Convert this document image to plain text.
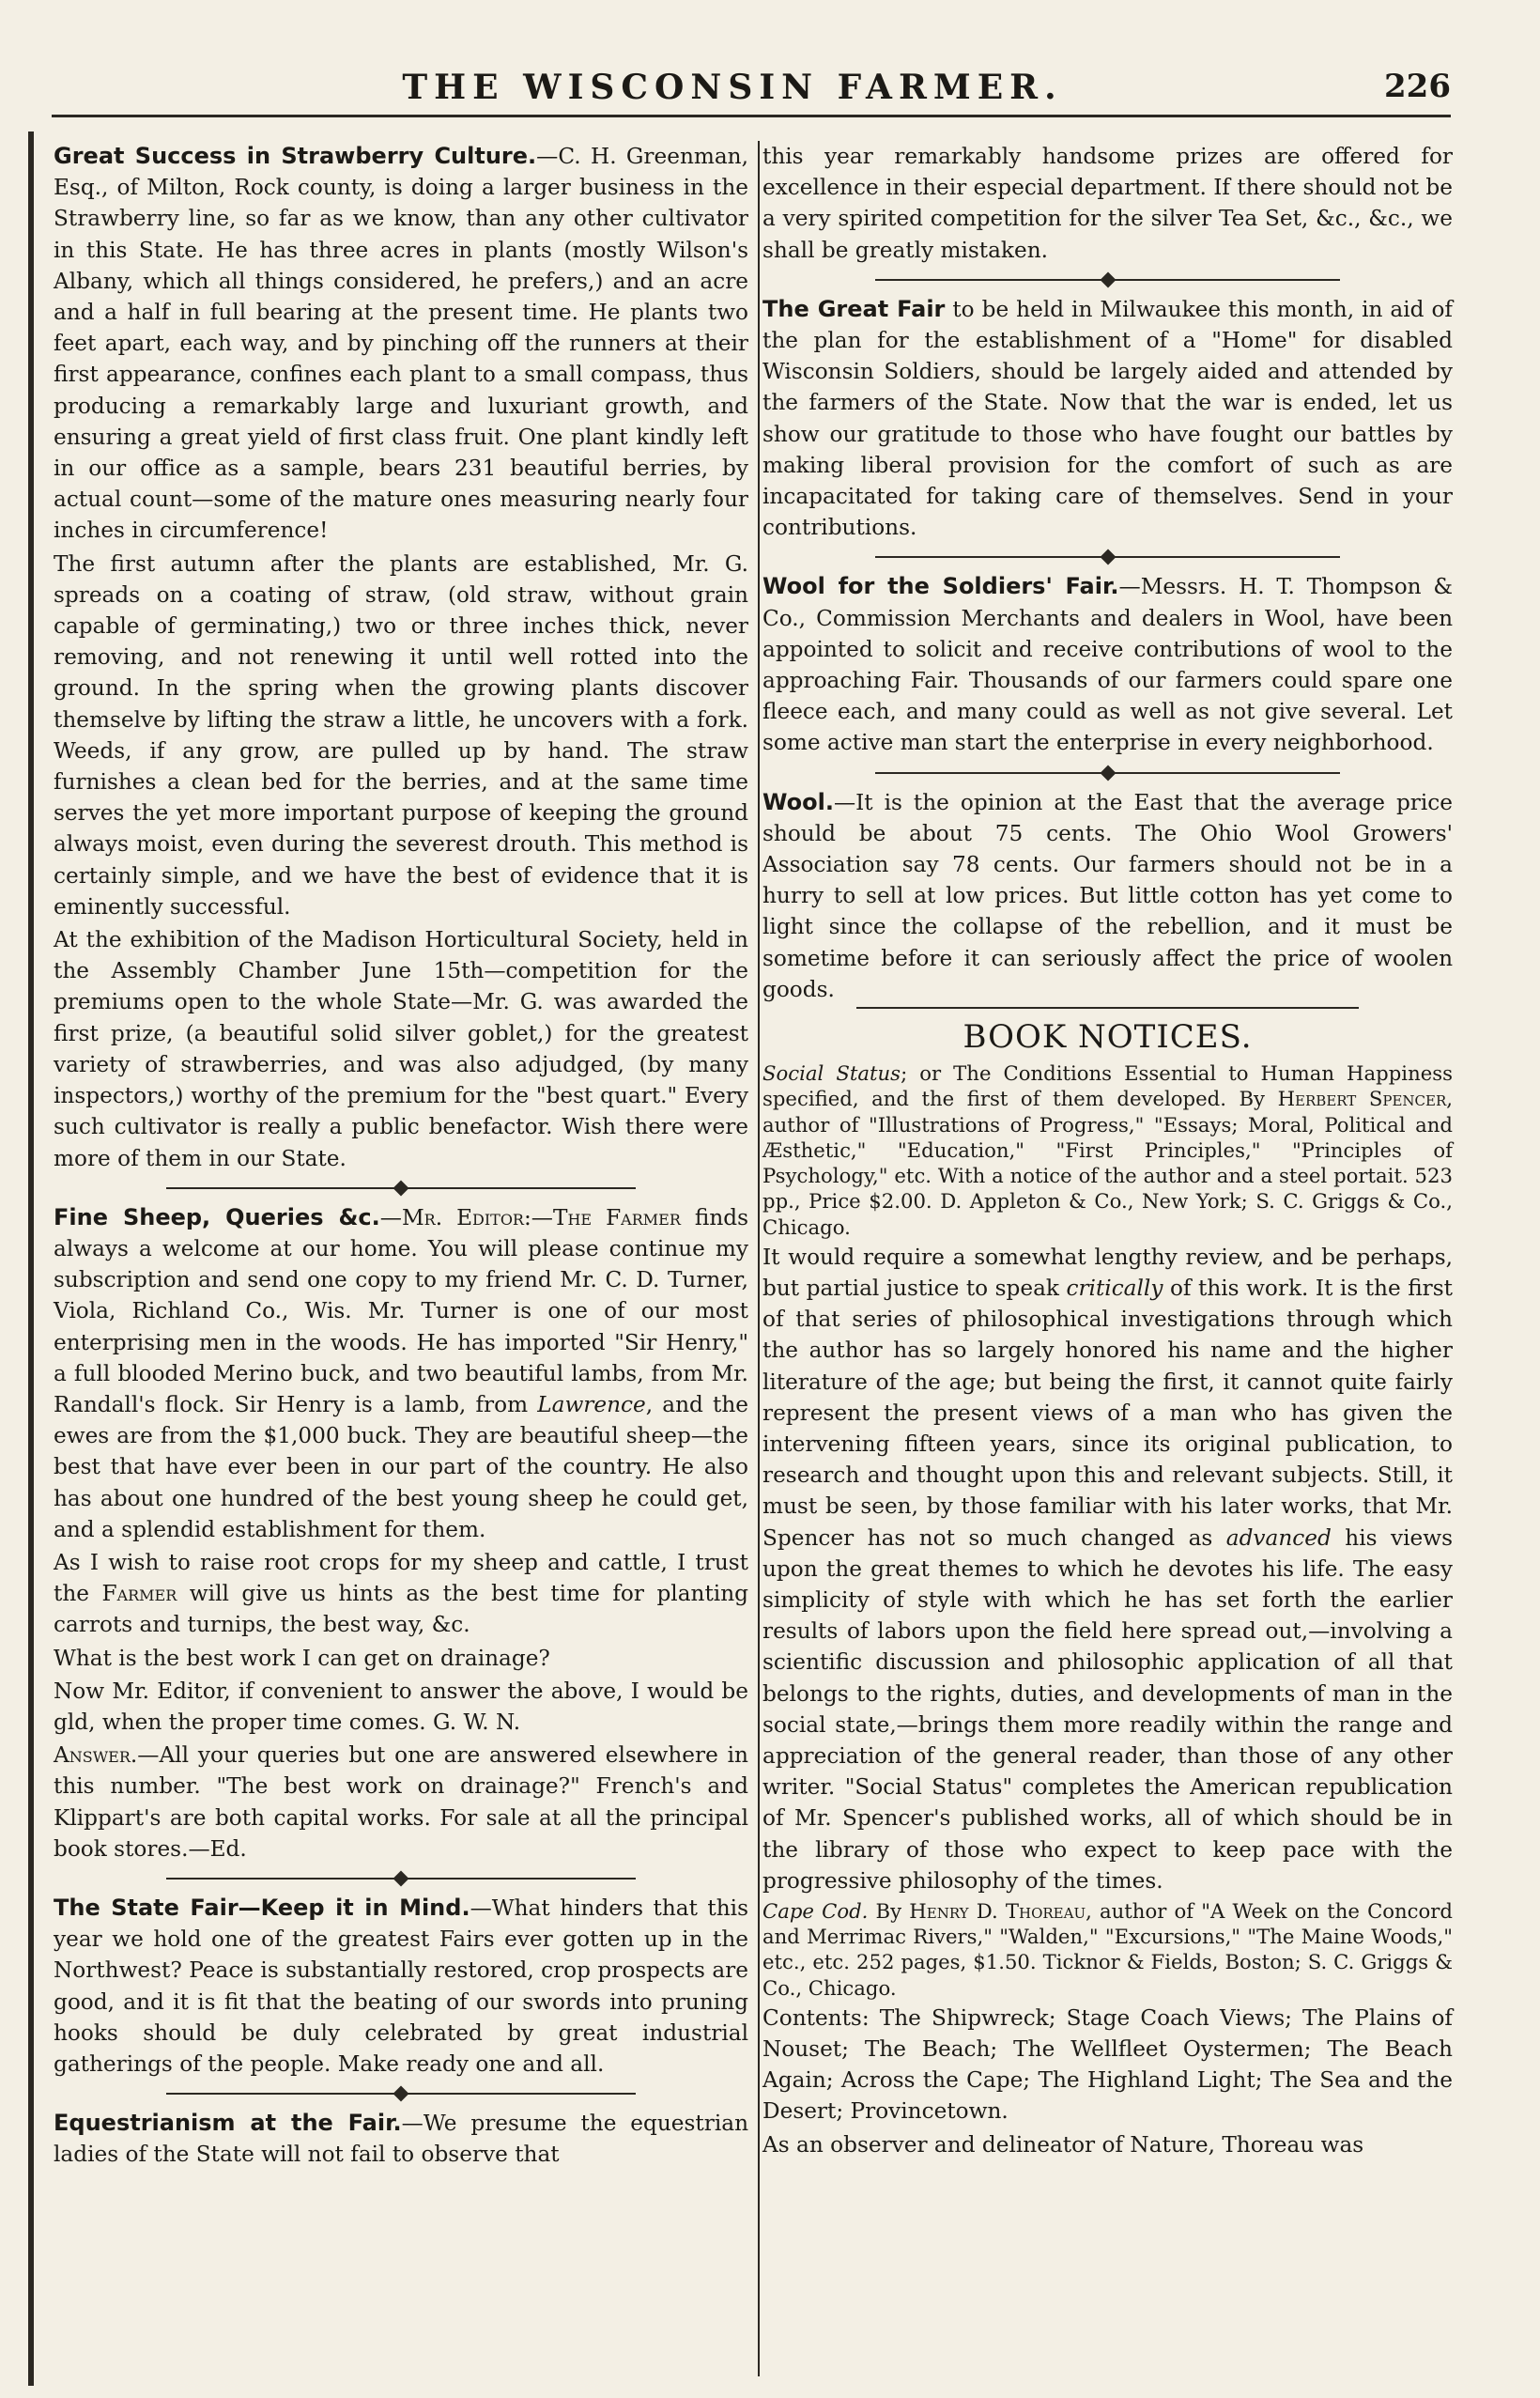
THE WISCONSIN FARMER.	226

Great Success in Strawberry Culture.—C. H. Greenman, Esq., of Milton, Rock county, is doing a larger business in the Strawberry line, so far as we know, than any other cultivator in this State. He has three acres in plants (mostly Wilson's Albany, which all things considered, he prefers,) and an acre and a half in full bearing at the present time. He plants two feet apart, each way, and by pinching off the runners at their first appearance, confines each plant to a small compass, thus producing a remarkably large and luxuriant growth, and ensuring a great yield of first class fruit. One plant kindly left in our office as a sample, bears 231 beautiful berries, by actual count—some of the mature ones measuring nearly four inches in circumference!

The first autumn after the plants are established, Mr. G. spreads on a coating of straw, (old straw, without grain capable of germinating,) two or three inches thick, never removing, and not renewing it until well rotted into the ground. In the spring when the growing plants discover themselve by lifting the straw a little, he uncovers with a fork. Weeds, if any grow, are pulled up by hand. The straw furnishes a clean bed for the berries, and at the same time serves the yet more important purpose of keeping the ground always moist, even during the severest drouth. This method is certainly simple, and we have the best of evidence that it is eminently successful.

At the exhibition of the Madison Horticultural Society, held in the Assembly Chamber June 15th—competition for the premiums open to the whole State—Mr. G. was awarded the first prize, (a beautiful solid silver goblet,) for the greatest variety of strawberries, and was also adjudged, (by many inspectors,) worthy of the premium for the "best quart." Every such cultivator is really a public benefactor. Wish there were more of them in our State.

Fine Sheep, Queries &c.—Mr. Editor:—The Farmer finds always a welcome at our home. You will please continue my subscription and send one copy to my friend Mr. C. D. Turner, Viola, Richland Co., Wis. Mr. Turner is one of our most enterprising men in the woods. He has imported "Sir Henry," a full blooded Merino buck, and two beautiful lambs, from Mr. Randall's flock. Sir Henry is a lamb, from Lawrence, and the ewes are from the $1,000 buck. They are beautiful sheep—the best that have ever been in our part of the country. He also has about one hundred of the best young sheep he could get, and a splendid establishment for them.

As I wish to raise root crops for my sheep and cattle, I trust the Farmer will give us hints as the best time for planting carrots and turnips, the best way, &c.

What is the best work I can get on drainage?

Now Mr. Editor, if convenient to answer the above, I would be gld, when the proper time comes. G. W. N.

Answer.—All your queries but one are answered elsewhere in this number. "The best work on drainage?" French's and Klippart's are both capital works. For sale at all the principal book stores.—Ed.

The State Fair—Keep it in Mind.—What hinders that this year we hold one of the greatest Fairs ever gotten up in the Northwest? Peace is substantially restored, crop prospects are good, and it is fit that the beating of our swords into pruning hooks should be duly celebrated by great industrial gatherings of the people. Make ready one and all.

Equestrianism at the Fair.—We presume the equestrian ladies of the State will not fail to observe that

this year remarkably handsome prizes are offered for excellence in their especial department. If there should not be a very spirited competition for the silver Tea Set, &c., &c., we shall be greatly mistaken.

The Great Fair to be held in Milwaukee this month, in aid of the plan for the establishment of a "Home" for disabled Wisconsin Soldiers, should be largely aided and attended by the farmers of the State. Now that the war is ended, let us show our gratitude to those who have fought our battles by making liberal provision for the comfort of such as are incapacitated for taking care of themselves. Send in your contributions.

Wool for the Soldiers' Fair.—Messrs. H. T. Thompson & Co., Commission Merchants and dealers in Wool, have been appointed to solicit and receive contributions of wool to the approaching Fair. Thousands of our farmers could spare one fleece each, and many could as well as not give several. Let some active man start the enterprise in every neighborhood.

Wool.—It is the opinion at the East that the average price should be about 75 cents. The Ohio Wool Growers' Association say 78 cents. Our farmers should not be in a hurry to sell at low prices. But little cotton has yet come to light since the collapse of the rebellion, and it must be sometime before it can seriously affect the price of woolen goods.

BOOK NOTICES.

Social Status; or The Conditions Essential to Human Happiness specified, and the first of them developed. By Herbert Spencer, author of "Illustrations of Progress," "Essays; Moral, Political and Æsthetic," "Education," "First Principles," "Principles of Psychology," etc. With a notice of the author and a steel portait. 523 pp., Price $2.00. D. Appleton & Co., New York; S. C. Griggs & Co., Chicago.

It would require a somewhat lengthy review, and be perhaps, but partial justice to speak critically of this work. It is the first of that series of philosophical investigations through which the author has so largely honored his name and the higher literature of the age; but being the first, it cannot quite fairly represent the present views of a man who has given the intervening fifteen years, since its original publication, to research and thought upon this and relevant subjects. Still, it must be seen, by those familiar with his later works, that Mr. Spencer has not so much changed as advanced his views upon the great themes to which he devotes his life. The easy simplicity of style with which he has set forth the earlier results of labors upon the field here spread out,—involving a scientific discussion and philosophic application of all that belongs to the rights, duties, and developments of man in the social state,—brings them more readily within the range and appreciation of the general reader, than those of any other writer. "Social Status" completes the American republication of Mr. Spencer's published works, all of which should be in the library of those who expect to keep pace with the progressive philosophy of the times.

Cape Cod. By Henry D. Thoreau, author of "A Week on the Concord and Merrimac Rivers," "Walden," "Excursions," "The Maine Woods," etc., etc. 252 pages, $1.50. Ticknor & Fields, Boston; S. C. Griggs & Co., Chicago.

Contents: The Shipwreck; Stage Coach Views; The Plains of Nouset; The Beach; The Wellfleet Oystermen; The Beach Again; Across the Cape; The Highland Light; The Sea and the Desert; Provincetown.

As an observer and delineator of Nature, Thoreau was
